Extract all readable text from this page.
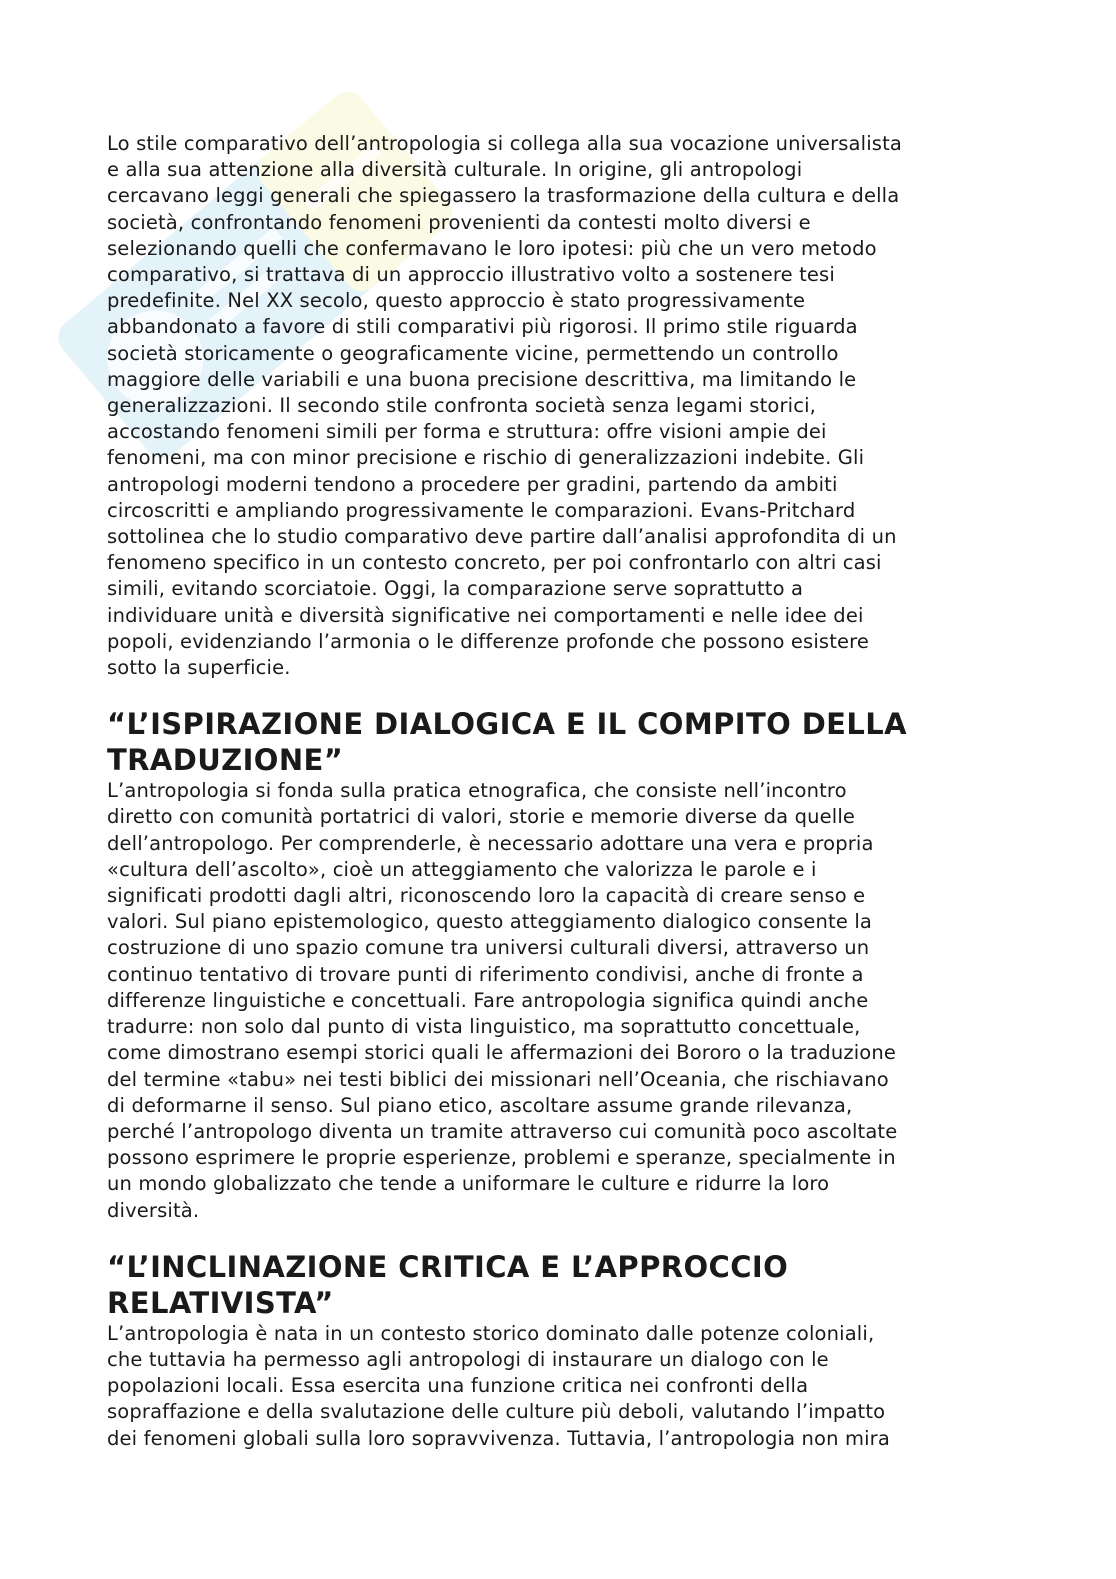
Lo stile comparativo dell’antropologia si collega alla sua vocazione universalista
e alla sua attenzione alla diversità culturale. In origine, gli antropologi
cercavano leggi generali che spiegassero la trasformazione della cultura e della
società, confrontando fenomeni provenienti da contesti molto diversi e
selezionando quelli che confermavano le loro ipotesi: più che un vero metodo
comparativo, si trattava di un approccio illustrativo volto a sostenere tesi
predefinite. Nel XX secolo, questo approccio è stato progressivamente
abbandonato a favore di stili comparativi più rigorosi. Il primo stile riguarda
società storicamente o geograficamente vicine, permettendo un controllo
maggiore delle variabili e una buona precisione descrittiva, ma limitando le
generalizzazioni. Il secondo stile confronta società senza legami storici,
accostando fenomeni simili per forma e struttura: offre visioni ampie dei
fenomeni, ma con minor precisione e rischio di generalizzazioni indebite. Gli
antropologi moderni tendono a procedere per gradini, partendo da ambiti
circoscritti e ampliando progressivamente le comparazioni. Evans-Pritchard
sottolinea che lo studio comparativo deve partire dall’analisi approfondita di un
fenomeno specifico in un contesto concreto, per poi confrontarlo con altri casi
simili, evitando scorciatoie. Oggi, la comparazione serve soprattutto a
individuare unità e diversità significative nei comportamenti e nelle idee dei
popoli, evidenziando l’armonia o le differenze profonde che possono esistere
sotto la superficie.

“L’ISPIRAZIONE DIALOGICA E IL COMPITO DELLA
TRADUZIONE”

L’antropologia si fonda sulla pratica etnografica, che consiste nell’incontro
diretto con comunità portatrici di valori, storie e memorie diverse da quelle
dell’antropologo. Per comprenderle, è necessario adottare una vera e propria
«cultura dell’ascolto», cioè un atteggiamento che valorizza le parole e i
significati prodotti dagli altri, riconoscendo loro la capacità di creare senso e
valori. Sul piano epistemologico, questo atteggiamento dialogico consente la
costruzione di uno spazio comune tra universi culturali diversi, attraverso un
continuo tentativo di trovare punti di riferimento condivisi, anche di fronte a
differenze linguistiche e concettuali. Fare antropologia significa quindi anche
tradurre: non solo dal punto di vista linguistico, ma soprattutto concettuale,
come dimostrano esempi storici quali le affermazioni dei Bororo o la traduzione
del termine «tabu» nei testi biblici dei missionari nell’Oceania, che rischiavano
di deformarne il senso. Sul piano etico, ascoltare assume grande rilevanza,
perché l’antropologo diventa un tramite attraverso cui comunità poco ascoltate
possono esprimere le proprie esperienze, problemi e speranze, specialmente in
un mondo globalizzato che tende a uniformare le culture e ridurre la loro
diversità.

“L’INCLINAZIONE CRITICA E L’APPROCCIO
RELATIVISTA”

L’antropologia è nata in un contesto storico dominato dalle potenze coloniali,
che tuttavia ha permesso agli antropologi di instaurare un dialogo con le
popolazioni locali. Essa esercita una funzione critica nei confronti della
sopraffazione e della svalutazione delle culture più deboli, valutando l’impatto
dei fenomeni globali sulla loro sopravvivenza. Tuttavia, l’antropologia non mira
